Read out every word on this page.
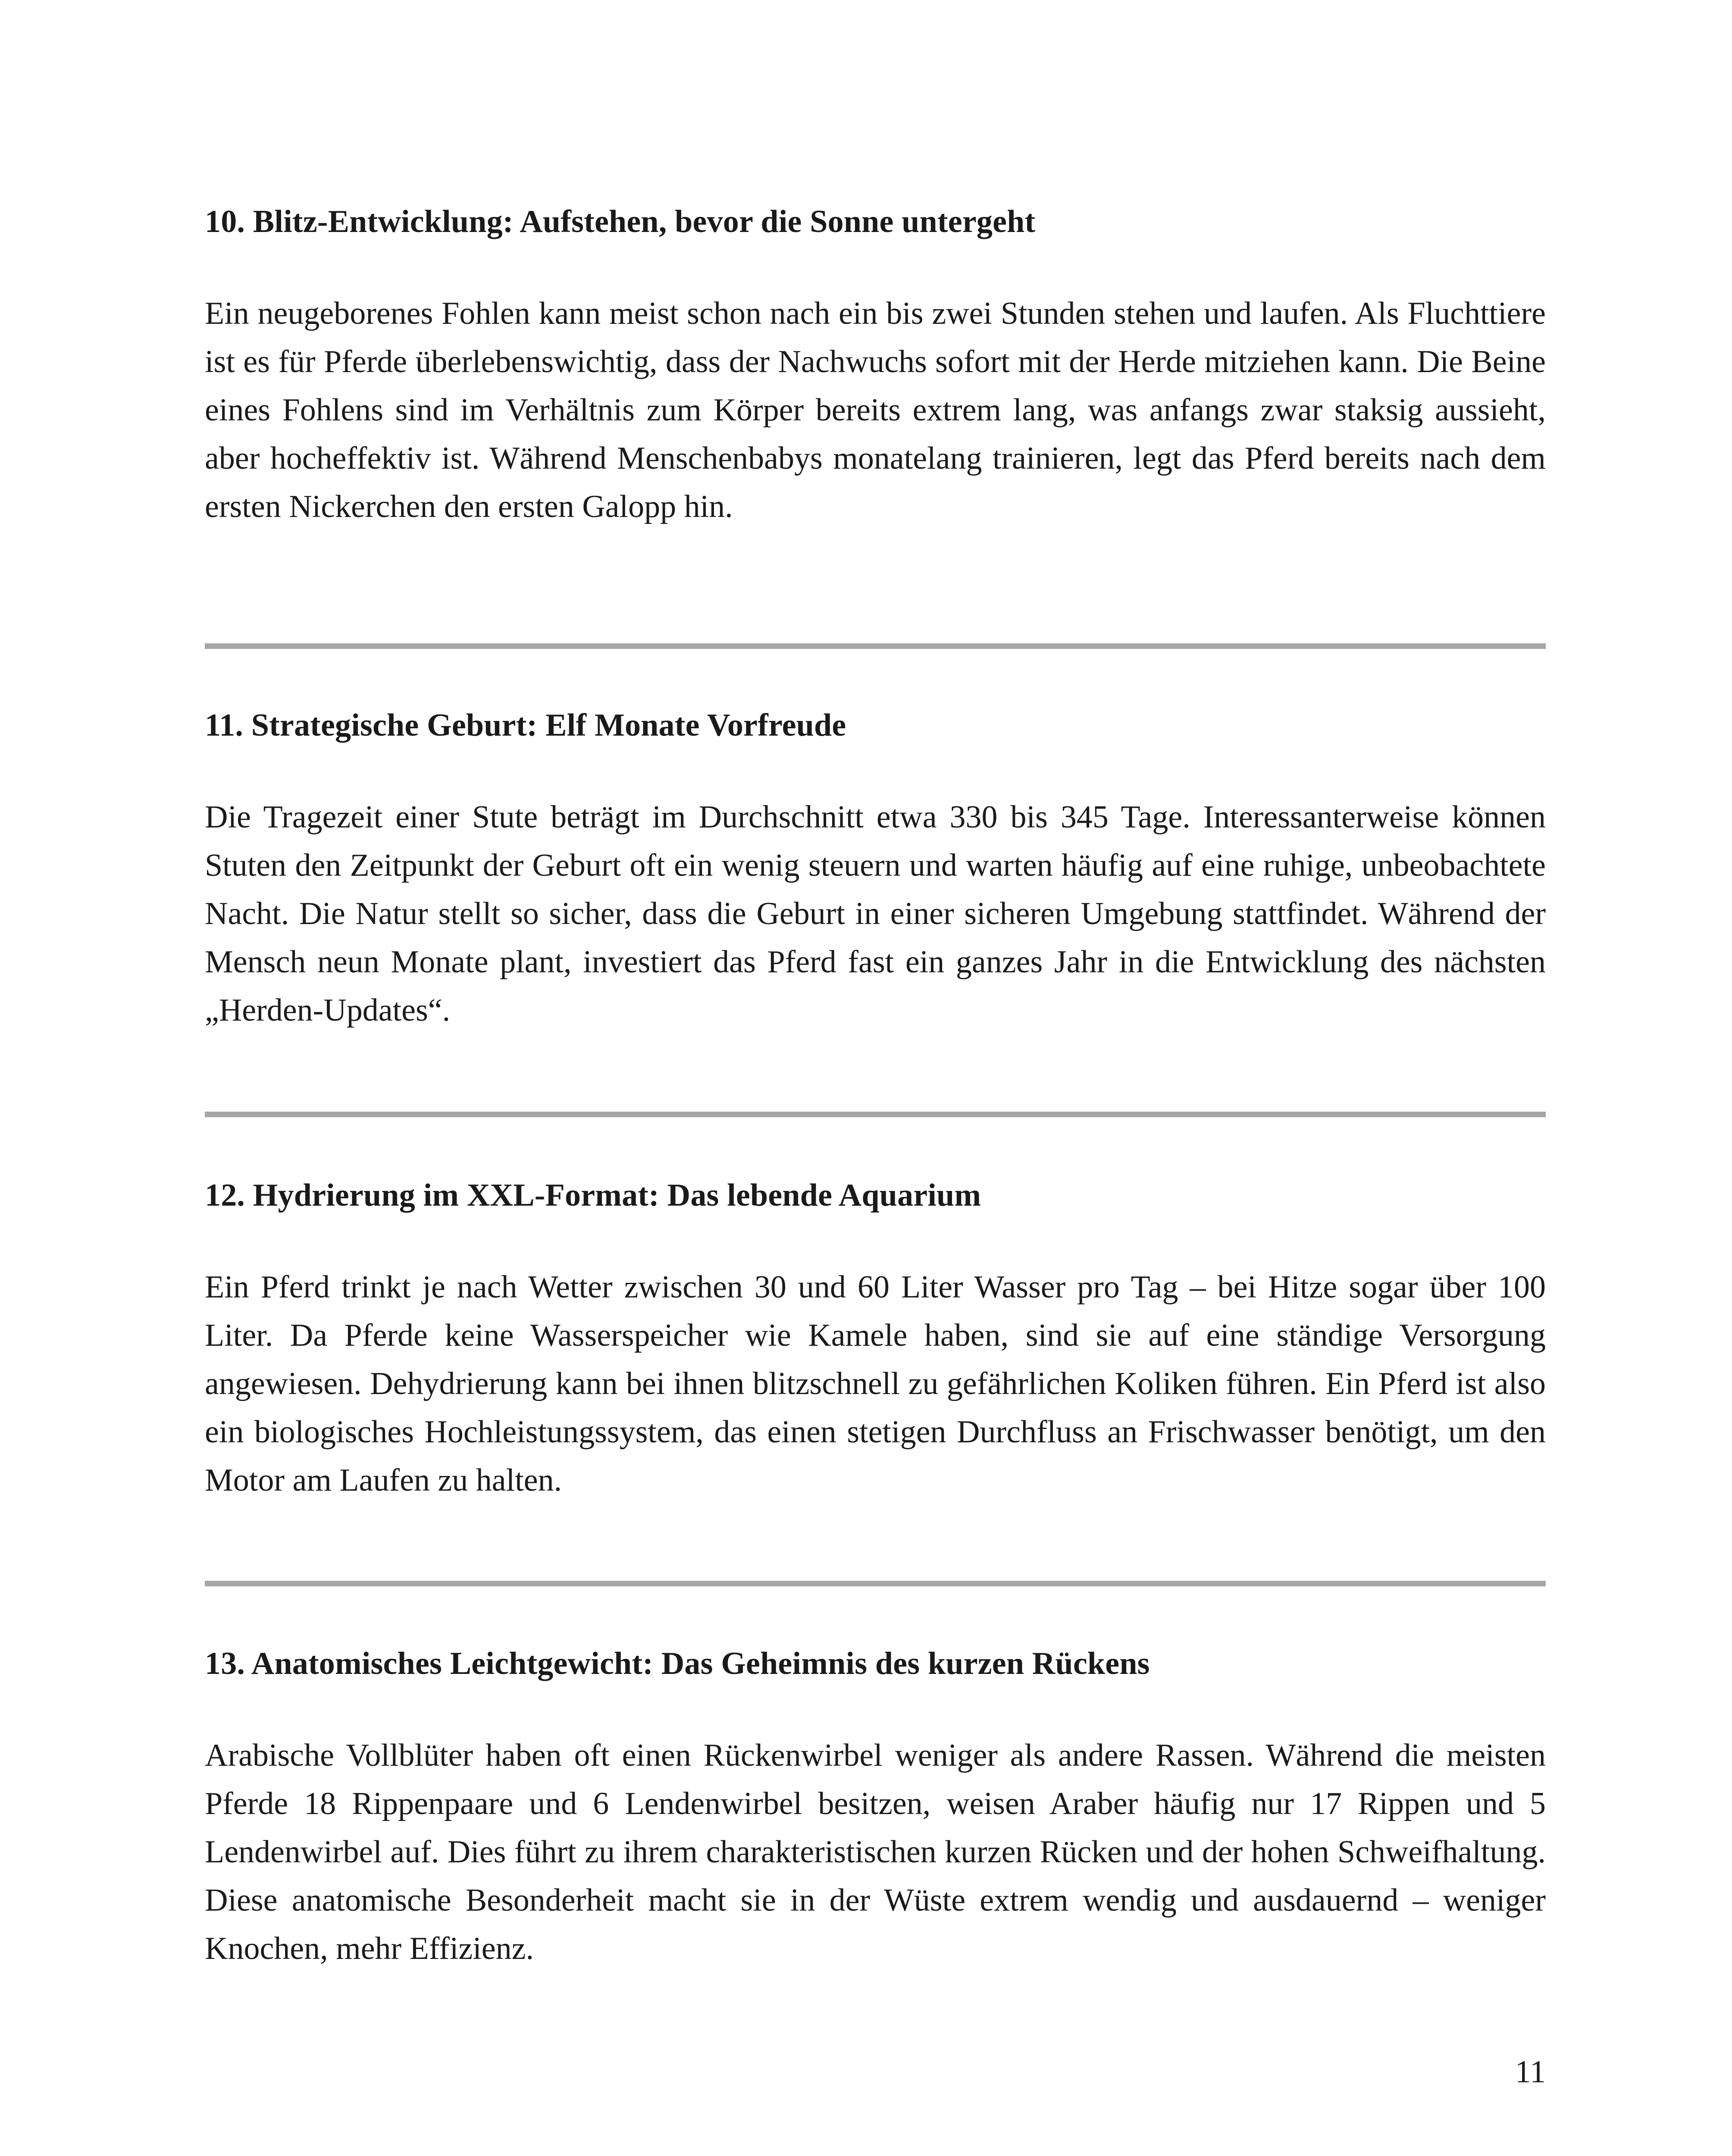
10. Blitz-Entwicklung: Aufstehen, bevor die Sonne untergeht

Ein neugeborenes Fohlen kann meist schon nach ein bis zwei Stunden stehen und laufen. Als Fluchttiere ist es für Pferde überlebenswichtig, dass der Nachwuchs sofort mit der Herde mitziehen kann. Die Beine eines Fohlens sind im Verhältnis zum Körper bereits extrem lang, was anfangs zwar staksig aussieht, aber hocheffektiv ist. Während Menschenbabys monatelang trainieren, legt das Pferd bereits nach dem ersten Nickerchen den ersten Galopp hin.

11. Strategische Geburt: Elf Monate Vorfreude

Die Tragezeit einer Stute beträgt im Durchschnitt etwa 330 bis 345 Tage. Interessanterweise können Stuten den Zeitpunkt der Geburt oft ein wenig steuern und warten häufig auf eine ruhige, unbeobachtete Nacht. Die Natur stellt so sicher, dass die Geburt in einer sicheren Umgebung stattfindet. Während der Mensch neun Monate plant, investiert das Pferd fast ein ganzes Jahr in die Entwicklung des nächsten „Herden-Updates“.

12. Hydrierung im XXL-Format: Das lebende Aquarium

Ein Pferd trinkt je nach Wetter zwischen 30 und 60 Liter Wasser pro Tag – bei Hitze sogar über 100 Liter. Da Pferde keine Wasserspeicher wie Kamele haben, sind sie auf eine ständige Versorgung angewiesen. Dehydrierung kann bei ihnen blitzschnell zu gefährlichen Koliken führen. Ein Pferd ist also ein biologisches Hochleistungssystem, das einen stetigen Durchfluss an Frischwasser benötigt, um den Motor am Laufen zu halten.

13. Anatomisches Leichtgewicht: Das Geheimnis des kurzen Rückens

Arabische Vollblüter haben oft einen Rückenwirbel weniger als andere Rassen. Während die meisten Pferde 18 Rippenpaare und 6 Lendenwirbel besitzen, weisen Araber häufig nur 17 Rippen und 5 Lendenwirbel auf. Dies führt zu ihrem charakteristischen kurzen Rücken und der hohen Schweifhaltung. Diese anatomische Besonderheit macht sie in der Wüste extrem wendig und ausdauernd – weniger Knochen, mehr Effizienz.

11
